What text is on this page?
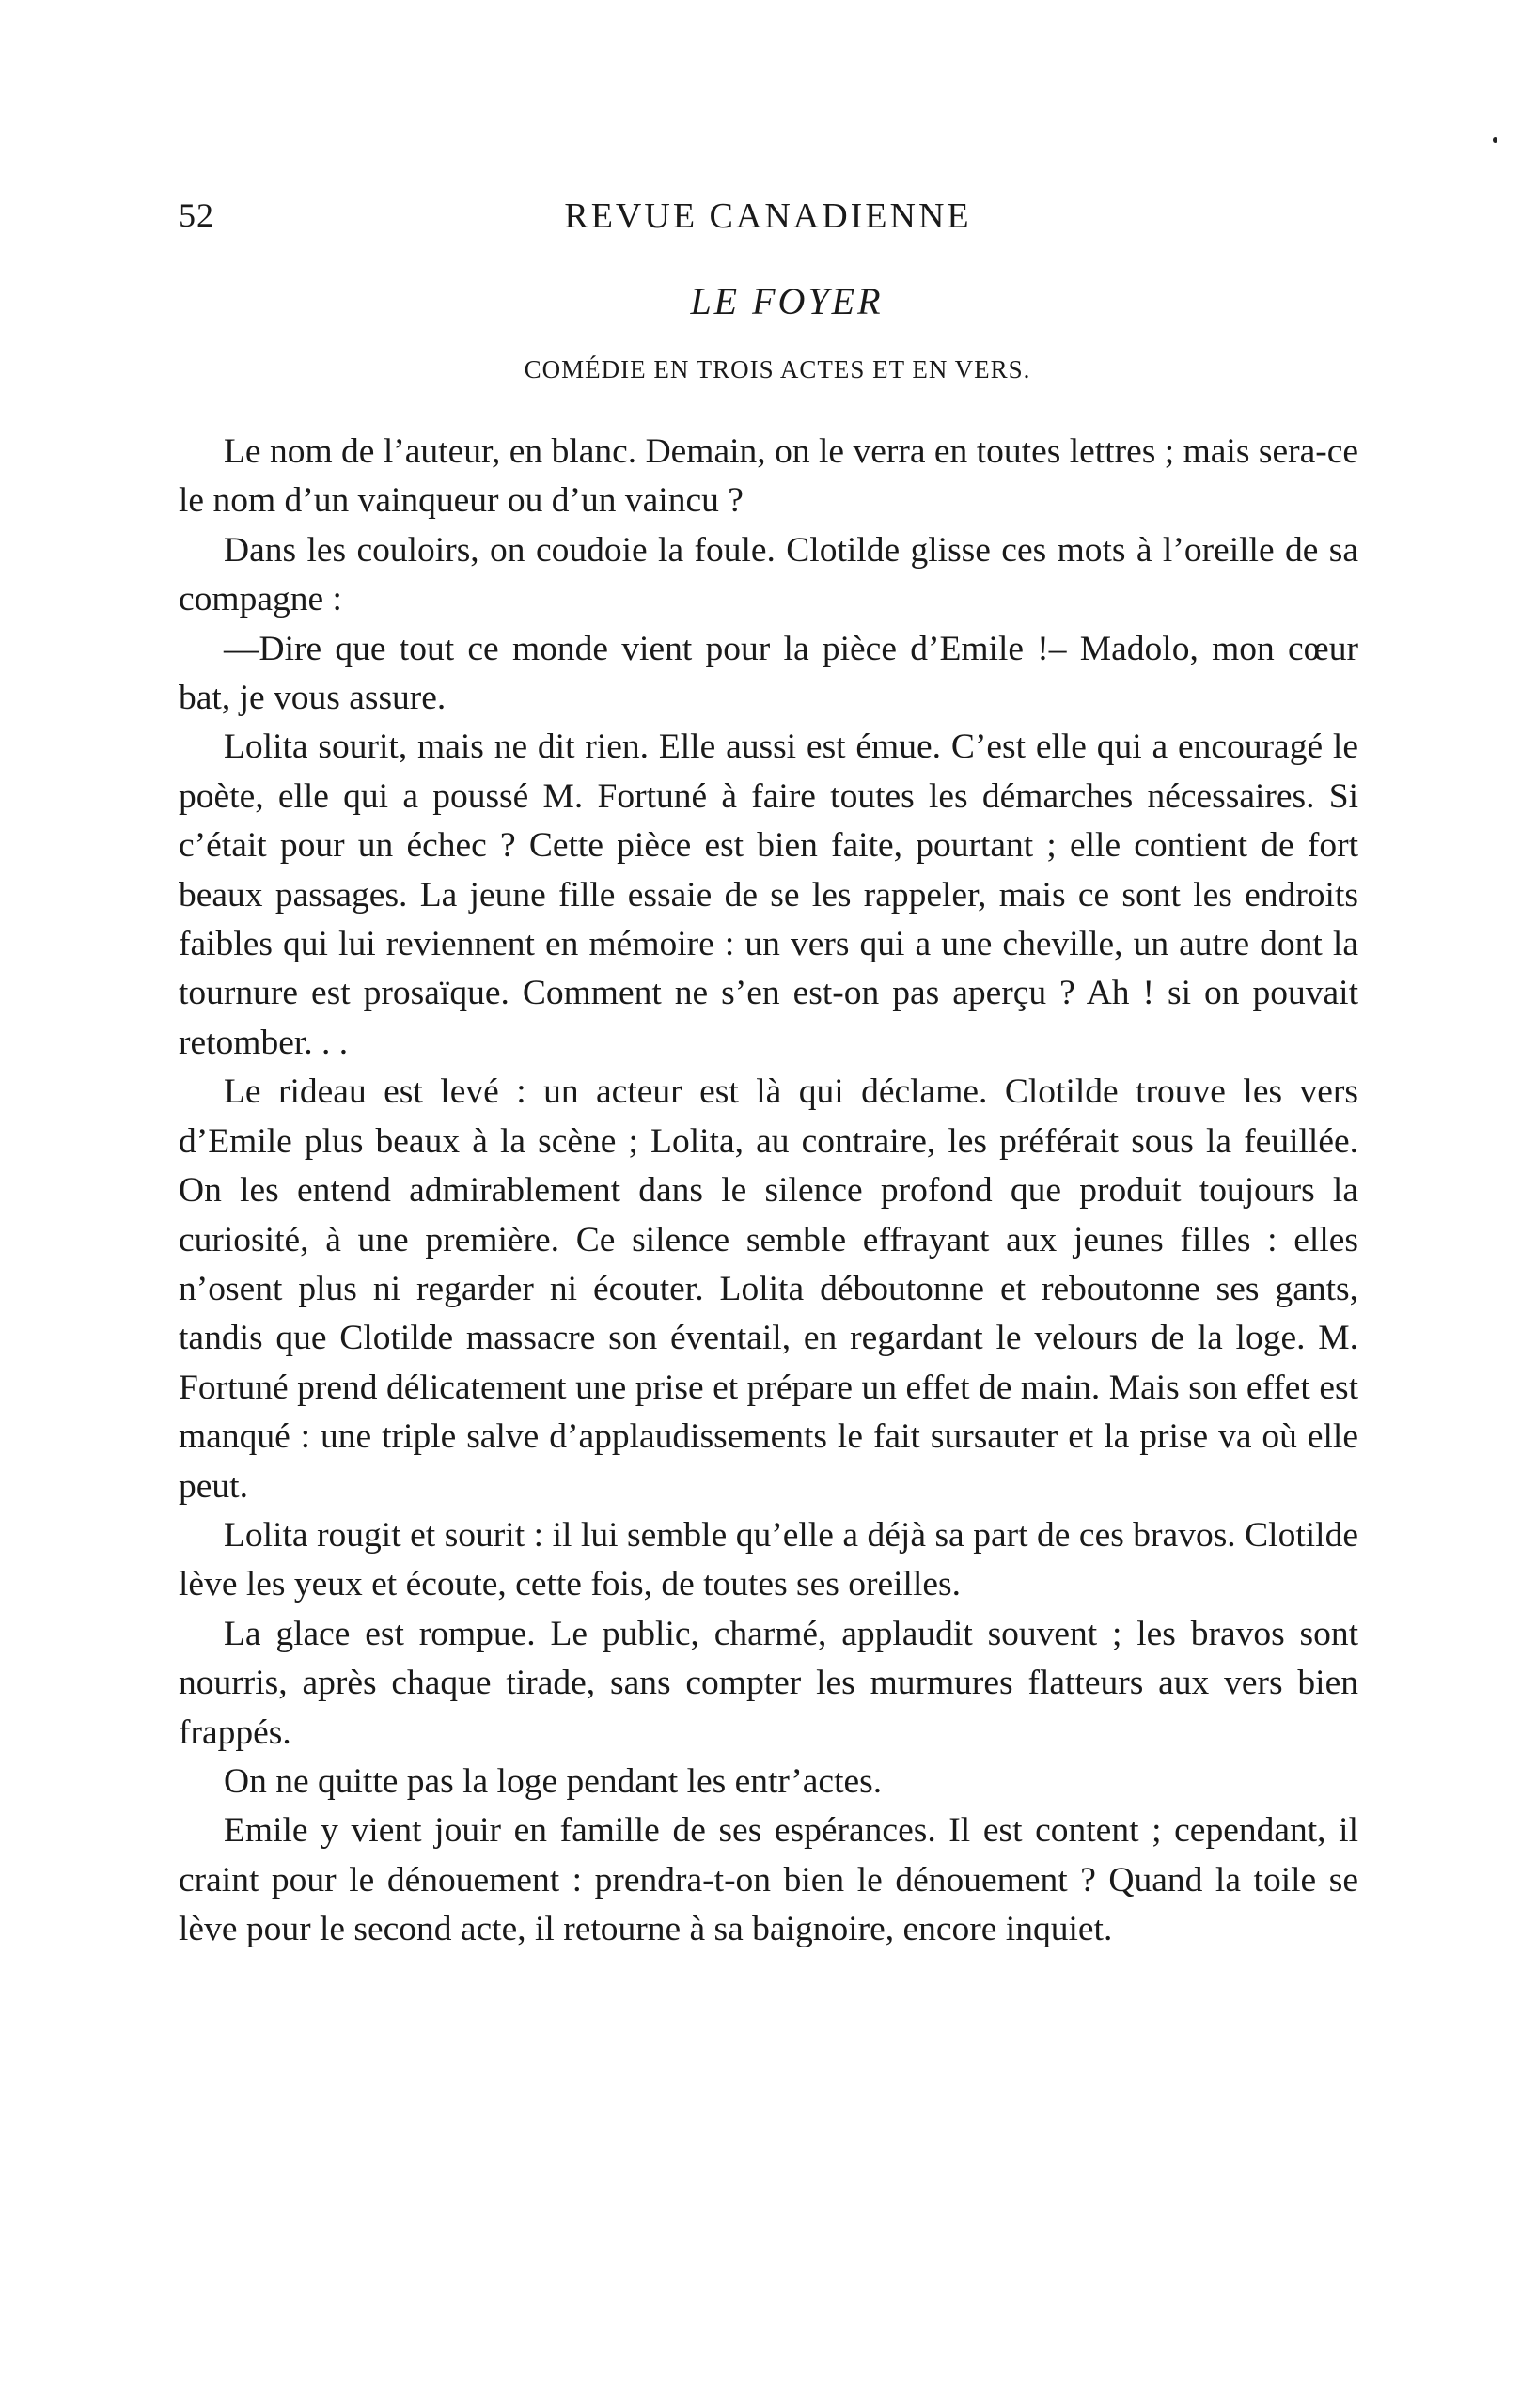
52	REVUE CANADIENNE
LE FOYER
COMÉDIE EN TROIS ACTES ET EN VERS.

Le nom de l’auteur, en blanc. Demain, on le verra en toutes lettres ; mais sera-ce le nom d’un vainqueur ou d’un vaincu ?

Dans les couloirs, on coudoie la foule. Clotilde glisse ces mots à l’oreille de sa compagne :

—Dire que tout ce monde vient pour la pièce d’Emile !– Madolo, mon cœur bat, je vous assure.

Lolita sourit, mais ne dit rien. Elle aussi est émue. C’est elle qui a encouragé le poète, elle qui a poussé M. Fortuné à faire toutes les démarches nécessaires. Si c’était pour un échec ? Cette pièce est bien faite, pourtant ; elle contient de fort beaux passages. La jeune fille essaie de se les rappeler, mais ce sont les endroits faibles qui lui reviennent en mémoire : un vers qui a une cheville, un autre dont la tournure est prosaïque. Comment ne s’en est-on pas aperçu ? Ah ! si on pouvait retomber. . .

Le rideau est levé : un acteur est là qui déclame. Clotilde trouve les vers d’Emile plus beaux à la scène ; Lolita, au contraire, les préférait sous la feuillée. On les entend admirablement dans le silence profond que produit toujours la curiosité, à une première. Ce silence semble effrayant aux jeunes filles : elles n’osent plus ni regarder ni écouter. Lolita déboutonne et reboutonne ses gants, tandis que Clotilde massacre son éventail, en regardant le velours de la loge. M. Fortuné prend délicatement une prise et prépare un effet de main. Mais son effet est manqué : une triple salve d’applaudissements le fait sursauter et la prise va où elle peut.

Lolita rougit et sourit : il lui semble qu’elle a déjà sa part de ces bravos. Clotilde lève les yeux et écoute, cette fois, de toutes ses oreilles.

La glace est rompue. Le public, charmé, applaudit souvent ; les bravos sont nourris, après chaque tirade, sans compter les murmures flatteurs aux vers bien frappés.

On ne quitte pas la loge pendant les entr’actes.

Emile y vient jouir en famille de ses espérances. Il est content ; cependant, il craint pour le dénouement : prendra-t-on bien le dénouement ? Quand la toile se lève pour le second acte, il retourne à sa baignoire, encore inquiet.
